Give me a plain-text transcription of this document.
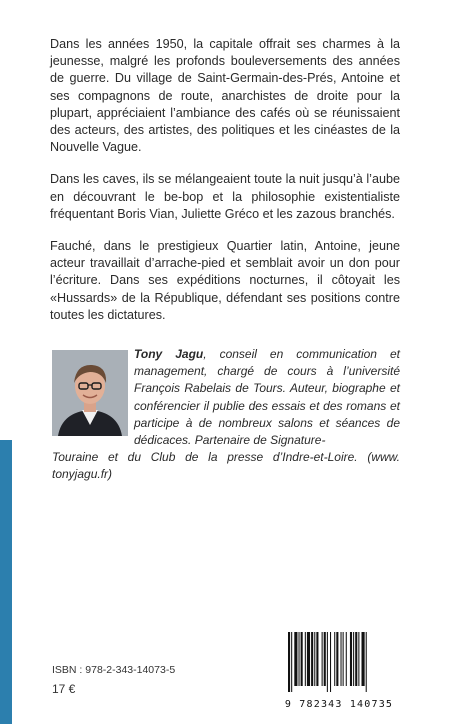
Dans les années 1950, la capitale offrait ses charmes à la jeunesse, malgré les profonds bouleversements des années de guerre. Du village de Saint-Germain-des-Prés, Antoine et ses compagnons de route, anarchistes de droite pour la plupart, appréciaient l’ambiance des cafés où se réunissaient des acteurs, des artistes, des politiques et les cinéastes de la Nouvelle Vague.

Dans les caves, ils se mélangeaient toute la nuit jusqu’à l’aube en découvrant le be-bop et la philosophie existentialiste fréquentant Boris Vian, Juliette Gréco et les zazous branchés.

Fauché, dans le prestigieux Quartier latin, Antoine, jeune acteur travaillait d’arrache-pied et semblait avoir un don pour l’écriture. Dans ses expéditions nocturnes, il côtoyait les «Hussards» de la République, défendant ses positions contre toutes les dictatures.

Tony Jagu, conseil en communication et management, chargé de cours à l’université François Rabelais de Tours. Auteur, biographe et conférencier il publie des essais et des romans et participe à de nombreux salons et séances de dédicaces. Partenaire de Signature-
Touraine et du Club de la presse d’Indre-et-Loire. (www. tonyjagu.fr)
ISBN : 978-2-343-14073-5
17 €
9 782343 140735
